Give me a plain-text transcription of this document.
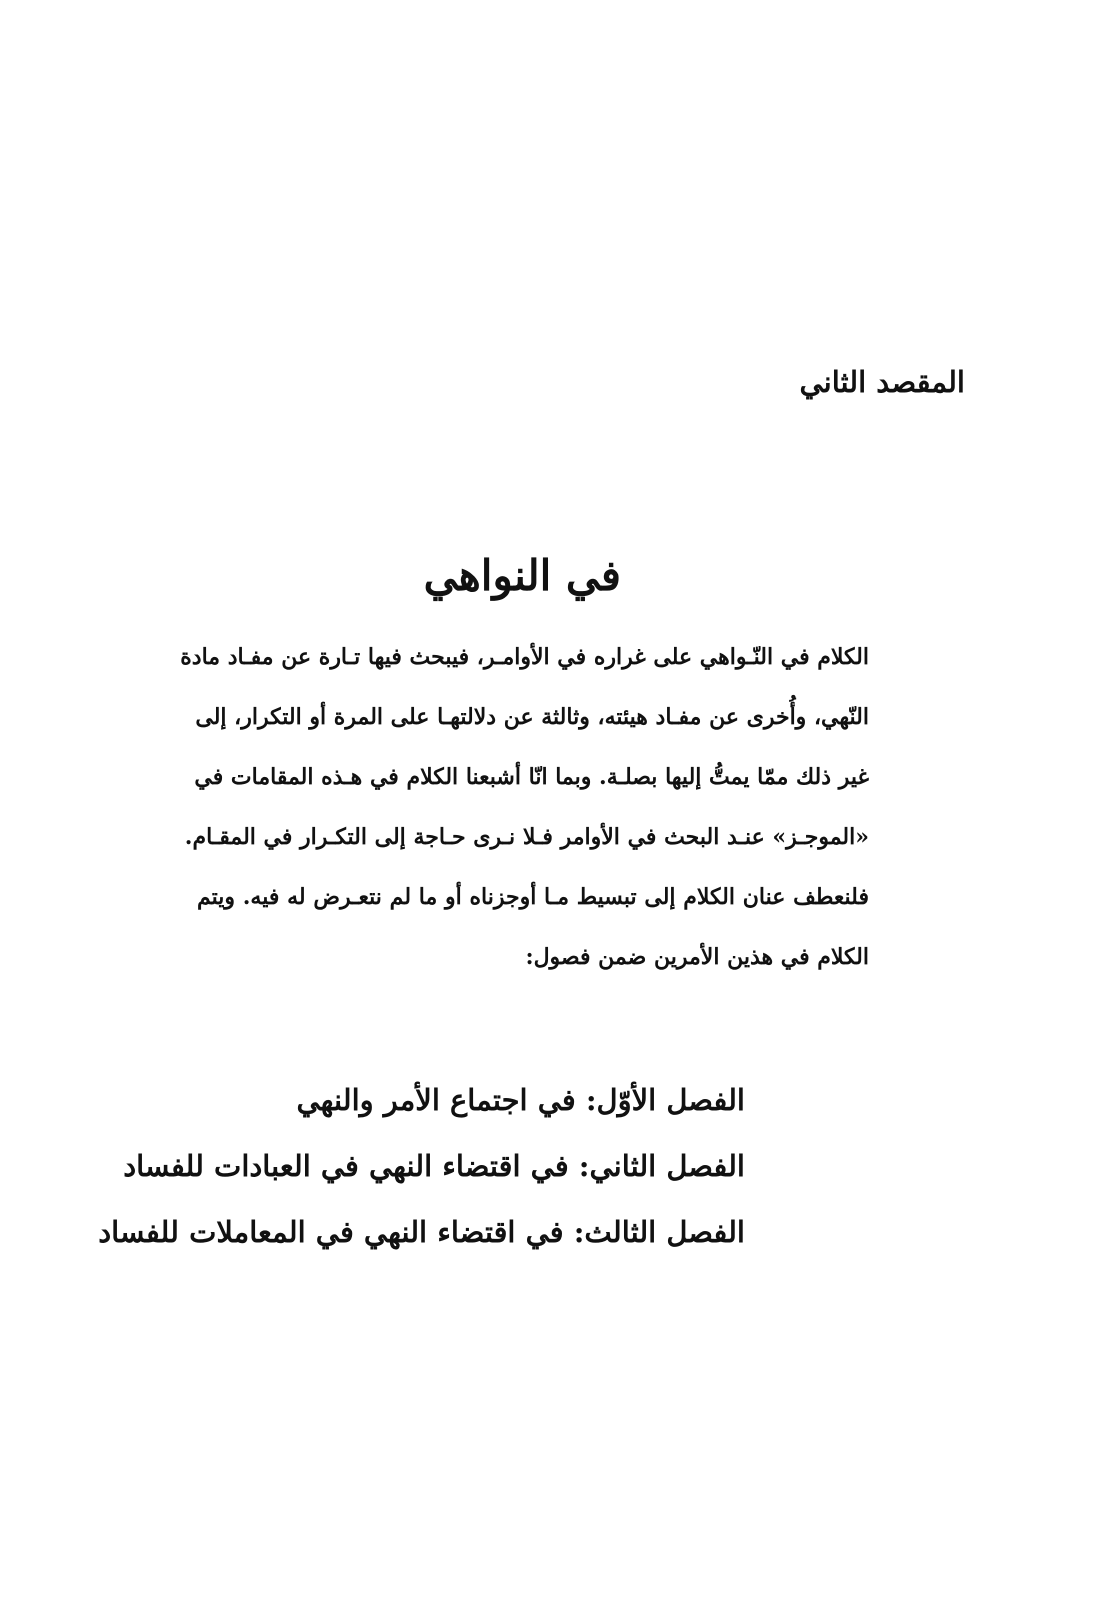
المقصد الثاني
في النواهي
الكلام في النّـواهي على غراره في الأوامـر، فيبحث فيها تـارة عن مفـاد مادة
النّهي، وأُخرى عن مفـاد هيئته، وثالثة عن دلالتهـا على المرة أو التكرار، إلى
غير ذلك ممّا يمتُّ إليها بصلـة. وبما انّا أشبعنا الكلام في هـذه المقامات في
«الموجـز» عنـد البحث في الأوامر فـلا نـرى حـاجة إلى التكـرار في المقـام.
فلنعطف عنان الكلام إلى تبسيط مـا أوجزناه أو ما لم نتعـرض له فيه. ويتم
الكلام في هذين الأمرين ضمن فصول:
الفصل الأوّل: في اجتماع الأمر والنهي
الفصل الثاني: في اقتضاء النهي في العبادات للفساد
الفصل الثالث: في اقتضاء النهي في المعاملات للفساد
